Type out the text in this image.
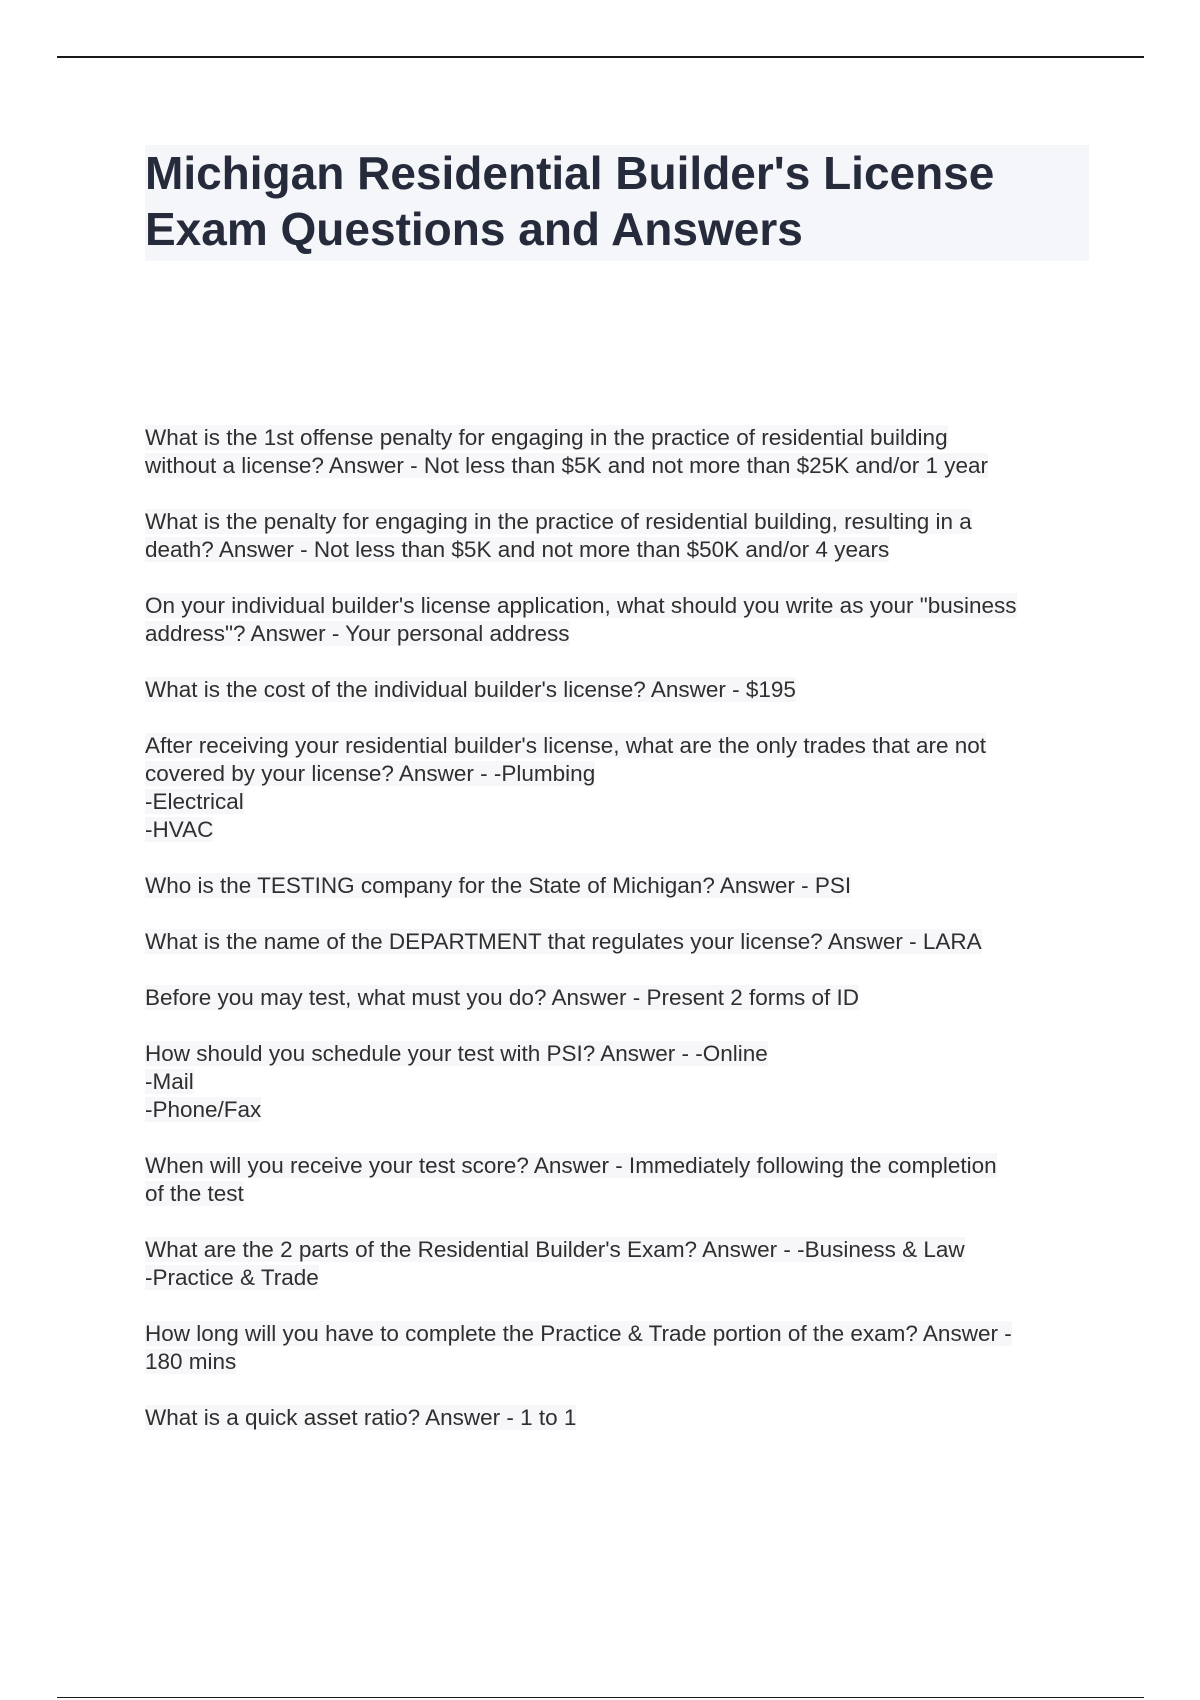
Michigan Residential Builder's License
Exam Questions and Answers
What is the 1st offense penalty for engaging in the practice of residential building
without a license? Answer - Not less than $5K and not more than $25K and/or 1 year
What is the penalty for engaging in the practice of residential building, resulting in a
death? Answer - Not less than $5K and not more than $50K and/or 4 years
On your individual builder's license application, what should you write as your "business
address"? Answer - Your personal address
What is the cost of the individual builder's license? Answer - $195
After receiving your residential builder's license, what are the only trades that are not
covered by your license? Answer - -Plumbing
-Electrical
-HVAC
Who is the TESTING company for the State of Michigan? Answer - PSI
What is the name of the DEPARTMENT that regulates your license? Answer - LARA
Before you may test, what must you do? Answer - Present 2 forms of ID
How should you schedule your test with PSI? Answer - -Online
-Mail
-Phone/Fax
When will you receive your test score? Answer - Immediately following the completion
of the test
What are the 2 parts of the Residential Builder's Exam? Answer - -Business & Law
-Practice & Trade
How long will you have to complete the Practice & Trade portion of the exam? Answer -
180 mins
What is a quick asset ratio? Answer - 1 to 1
